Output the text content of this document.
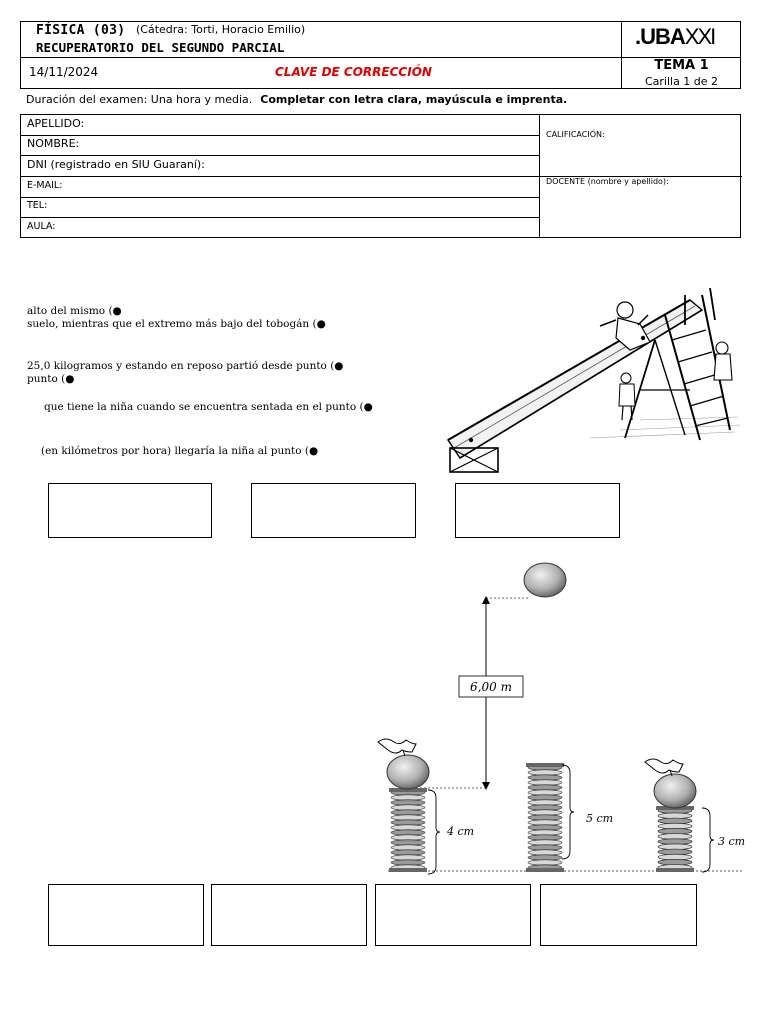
FÍSICA (03) (Cátedra: Torti, Horacio Emilio)
RECUPERATORIO DEL SEGUNDO PARCIAL
14/11/2024	CLAVE DE CORRECCIÓN
.UBAXXI
TEMA 1
Carilla 1 de 2
Duración del examen: Una hora y media. Completar con letra clara, mayúscula e imprenta.
APELLIDO:
NOMBRE:
DNI (registrado en SIU Guaraní):
E-MAIL:
TEL:
AULA:
CALIFICACIÓN:
DOCENTE (nombre y apellido):
alto del mismo (●
suelo, mientras que el extremo más bajo del tobogán (●
25,0 kilogramos y estando en reposo partió desde punto (●
punto (●
que tiene la niña cuando se encuentra sentada en el punto (●
(en kilómetros por hora) llegaría la niña al punto (●
6,00 m
4 cm
5 cm
3 cm
